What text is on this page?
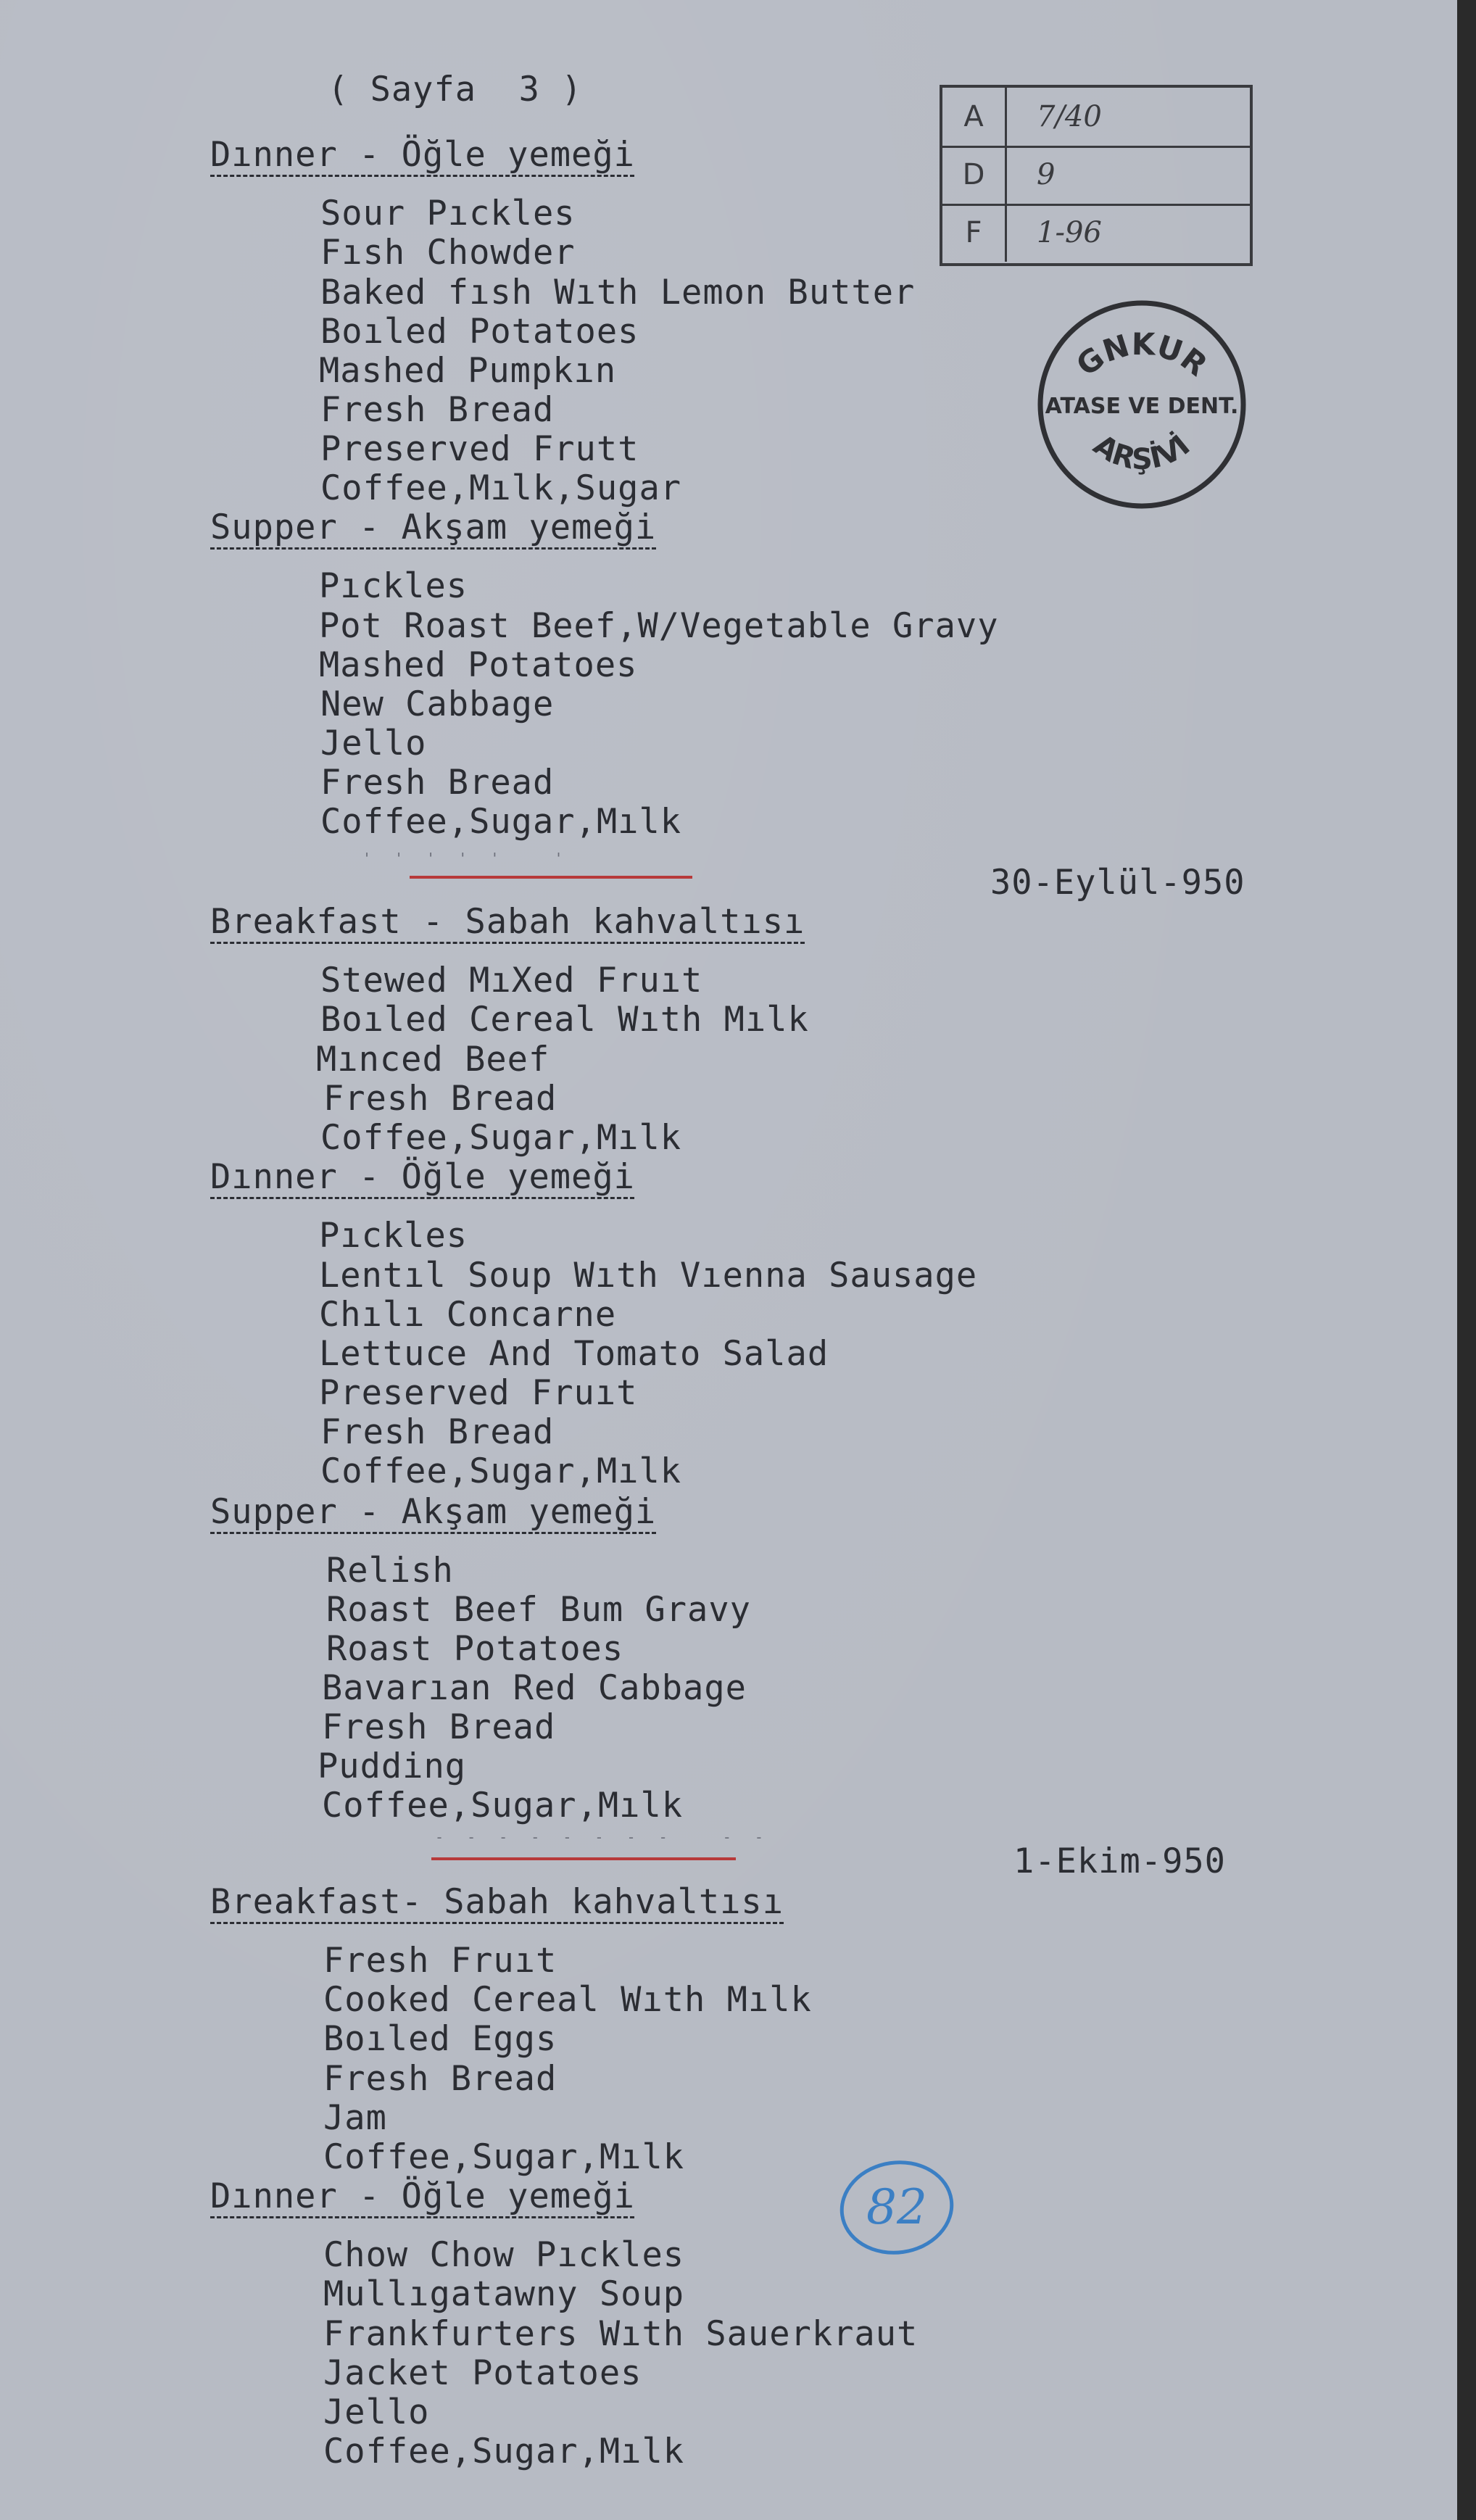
( Sayfa  3 )
A	7/40
D	9
F	1-96
GNKUR
ATASE VE DENT.
ARŞİVİ
Dınner - Öğle yemeği
Sour Pıckles
Fısh Chowder
Baked fısh Wıth Lemon Butter
Boıled Potatoes
Mashed Pumpkın
Fresh Bread
Preserved Frutt
Coffee,Mılk,Sugar
Supper - Akşam yemeği
Pıckles
Pot Roast Beef,W/Vegetable Gravy
Mashed Potatoes
New Cabbage
Jello
Fresh Bread
Coffee,Sugar,Mılk
' ' ' ' '   '
30-Eylül-950
Breakfast - Sabah kahvaltısı
Stewed MıXed Fruıt
Boıled Cereal Wıth Mılk
Mınced Beef
Fresh Bread
Coffee,Sugar,Mılk
Dınner - Öğle yemeği
Pıckles
Lentıl Soup Wıth Vıenna Sausage
Chılı Concarne
Lettuce And Tomato Salad
Preserved Fruıt
Fresh Bread
Coffee,Sugar,Mılk
Supper - Akşam yemeği
Relish
Roast Beef Bum Gravy
Roast Potatoes
Bavarıan Red Cabbage
Fresh Bread
Pudding
Coffee,Sugar,Mılk
- - - - - - - -   - -
1-Ekim-950
Breakfast- Sabah kahvaltısı
Fresh Fruıt
Cooked Cereal Wıth Mılk
Boıled Eggs
Fresh Bread
Jam
Coffee,Sugar,Mılk
Dınner - Öğle yemeği
Chow Chow Pıckles
Mullıgatawny Soup
Frankfurters Wıth Sauerkraut
Jacket Potatoes
Jello
Coffee,Sugar,Mılk
82
